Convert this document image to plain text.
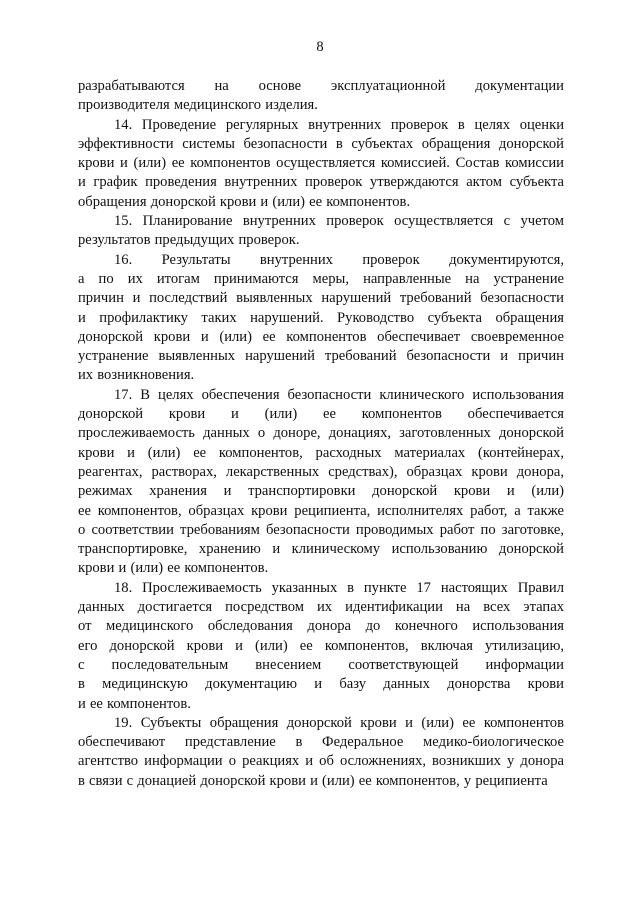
8

разрабатываются на основе эксплуатационной документации
производителя медицинского изделия.

14. Проведение регулярных внутренних проверок в целях оценки
эффективности системы безопасности в субъектах обращения донорской
крови и (или) ее компонентов осуществляется комиссией. Состав комиссии
и график проведения внутренних проверок утверждаются актом субъекта
обращения донорской крови и (или) ее компонентов.

15. Планирование внутренних проверок осуществляется с учетом
результатов предыдущих проверок.

16. Результаты внутренних проверок документируются,
а по их итогам принимаются меры, направленные на устранение
причин и последствий выявленных нарушений требований безопасности
и профилактику таких нарушений. Руководство субъекта обращения
донорской крови и (или) ее компонентов обеспечивает своевременное
устранение выявленных нарушений требований безопасности и причин
их возникновения.

17. В целях обеспечения безопасности клинического использования
донорской крови и (или) ее компонентов обеспечивается
прослеживаемость данных о доноре, донациях, заготовленных донорской
крови и (или) ее компонентов, расходных материалах (контейнерах,
реагентах, растворах, лекарственных средствах), образцах крови донора,
режимах хранения и транспортировки донорской крови и (или)
ее компонентов, образцах крови реципиента, исполнителях работ, а также
о соответствии требованиям безопасности проводимых работ по заготовке,
транспортировке, хранению и клиническому использованию донорской
крови и (или) ее компонентов.

18. Прослеживаемость указанных в пункте 17 настоящих Правил
данных достигается посредством их идентификации на всех этапах
от медицинского обследования донора до конечного использования
его донорской крови и (или) ее компонентов, включая утилизацию,
с последовательным внесением соответствующей информации
в медицинскую документацию и базу данных донорства крови
и ее компонентов.

19. Субъекты обращения донорской крови и (или) ее компонентов
обеспечивают представление в Федеральное медико-биологическое
агентство информации о реакциях и об осложнениях, возникших у донора
в связи с донацией донорской крови и (или) ее компонентов, у реципиента
